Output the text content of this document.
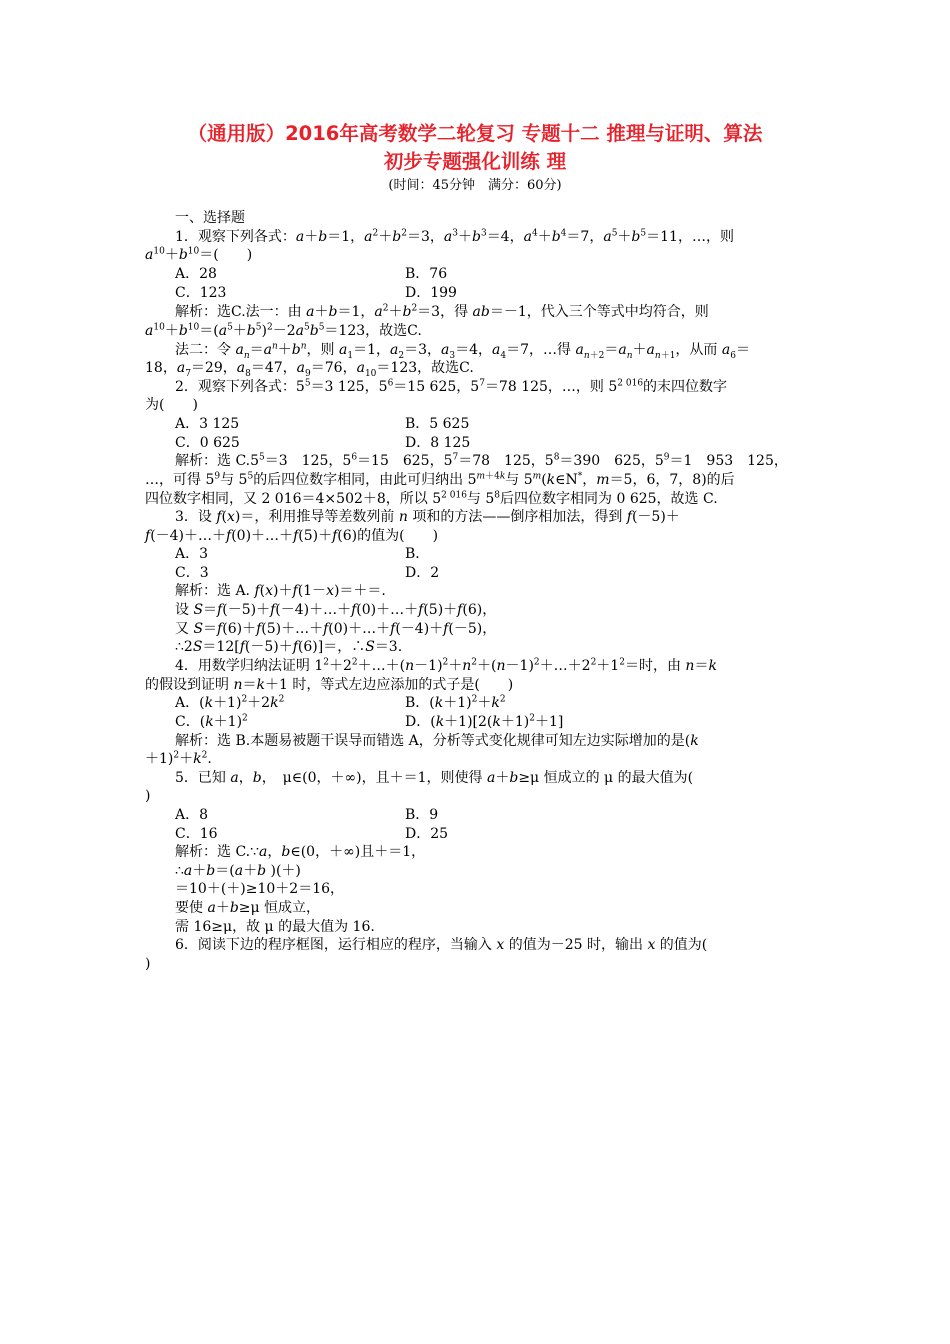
（通用版）2016年高考数学二轮复习 专题十二 推理与证明、算法
初步专题强化训练 理
(时间：45分钟　满分：60分)
一、选择题
1．观察下列各式：a＋b＝1，$a^2+b^2=3$，$a^3+b^3=4$，$a^4+b^4=7$，$a^5+b^5=11$，…，则
$a^{10}+b^{10}=$(　　)
A．28	B．76
C．123	D．199
解析：选C.法一：由 a＋b＝1，$a^2+b^2=3$，得 ab＝－1，代入三个等式中均符合，则
$a^{10}+b^{10}=(a^5+b^5)^2-2a^5b^5=123$，故选C.
法二：令 $a_n=a^n+b^n$，则 $a_1=1$，$a_2=3$，$a_3=4$，$a_4=7$，…得 $a_{n+2}=a_n+a_{n+1}$，从而 $a_6=$
18，$a_7=29$，$a_8=47$，$a_9=76$，$a_{10}=123$，故选C.
2．观察下列各式：$5^5=3$ 125，$5^6=15$ 625，$5^7=78$ 125，…，则 $5^{2 016}$的末四位数字
为(　　)
A．3 125	B．5 625
C．0 625	D．8 125
解析：选 $C.5^5=3$　125，$5^6=15$　625，$5^7=78$　125，$5^8=390$　625，$5^9=1$　953　125，
…，可得 $5^9$与 $5^5$的后四位数字相同，由此可归纳出 $5^{m+4k}$与 5$^m$(k∈N*，m＝5，6，7，8)的后
四位数字相同，又 2 016＝4×502＋8，所以 $5^{2 016}$与 $5^8$后四位数字相同为 0 625，故选 C.
3．设 f(x)＝，利用推导等差数列前 n 项和的方法——倒序相加法，得到 f(－5)＋
f(－4)＋…＋f(0)＋…＋f(5)＋f(6)的值为(　　)
A．3	B．
C．3	D．2
解析：选 A. f(x)＋f(1－x)＝＋＝.
设 S＝f(－5)＋f(－4)＋…＋f(0)＋…＋f(5)＋f(6)，
又 S＝f(6)＋f(5)＋…＋f(0)＋…＋f(－4)＋f(－5)，
∴2S＝12[f(－5)＋f(6)]＝，∴S＝3.
4．用数学归纳法证明 $1^2+2^2+\dots+(n-1)^2+n^2+(n-1)^2+\dots+2^2+1^2=$时，由 n＝k
的假设到证明 n＝k＋1 时，等式左边应添加的式子是(　　)
A．$(k+1)^2+2k^2$	B．$(k+1)^2+k^2$
C．$(k+1)^2$	D．$(k+1)[2(k+1)^2+1]$
解析：选 B.本题易被题干误导而错选 A，分析等式变化规律可知左边实际增加的是(k
$+1)^2+k^2$.
5．已知 a，b，　μ∈(0，＋∞)，且＋＝1，则使得 a＋b≥μ 恒成立的 μ 的最大值为(
)
A．8	B．9
C．16	D．25
解析：选 C.∵a，b∈(0，＋∞)且＋＝1，
∴a＋b＝(a＋b )(＋)
＝10＋(＋)≥10＋2＝16，
要使 a＋b≥μ 恒成立，
需 16≥μ，故 μ 的最大值为 16.
6．阅读下边的程序框图，运行相应的程序，当输入 x 的值为－25 时，输出 x 的值为(
)
